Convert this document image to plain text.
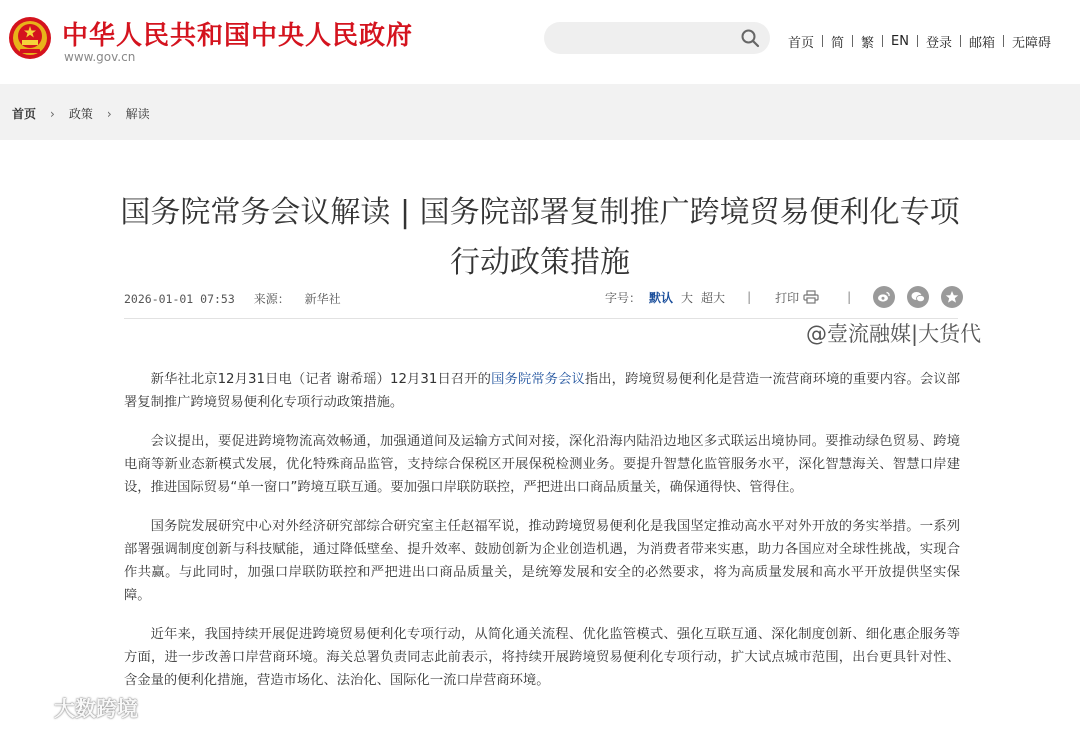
中华人民共和国中央人民政府
www.gov.cn
首页	简	繁	EN	登录	邮箱	无障碍
首页 › 政策 › 解读
国务院常务会议解读 | 国务院部署复制推广跨境贸易便利化专项行动政策措施
2026-01-01 07:53 来源： 新华社	字号： 默认 大 超大 | 打印	|
@壹流融媒|大货代

新华社北京12月31日电（记者 谢希瑶）12月31日召开的国务院常务会议指出，跨境贸易便利化是营造一流营商环境的重要内容。会议部署复制推广跨境贸易便利化专项行动政策措施。

会议提出，要促进跨境物流高效畅通，加强通道间及运输方式间对接，深化沿海内陆沿边地区多式联运出境协同。要推动绿色贸易、跨境电商等新业态新模式发展，优化特殊商品监管，支持综合保税区开展保税检测业务。要提升智慧化监管服务水平，深化智慧海关、智慧口岸建设，推进国际贸易“单一窗口”跨境互联互通。要加强口岸联防联控，严把进出口商品质量关，确保通得快、管得住。

国务院发展研究中心对外经济研究部综合研究室主任赵福军说，推动跨境贸易便利化是我国坚定推动高水平对外开放的务实举措。一系列部署强调制度创新与科技赋能，通过降低壁垒、提升效率、鼓励创新为企业创造机遇，为消费者带来实惠，助力各国应对全球性挑战，实现合作共赢。与此同时，加强口岸联防联控和严把进出口商品质量关，是统筹发展和安全的必然要求，将为高质量发展和高水平开放提供坚实保障。

近年来，我国持续开展促进跨境贸易便利化专项行动，从简化通关流程、优化监管模式、强化互联互通、深化制度创新、细化惠企服务等方面，进一步改善口岸营商环境。海关总署负责同志此前表示，将持续开展跨境贸易便利化专项行动，扩大试点城市范围，出台更具针对性、含金量的便利化措施，营造市场化、法治化、国际化一流口岸营商环境。

大数跨境
